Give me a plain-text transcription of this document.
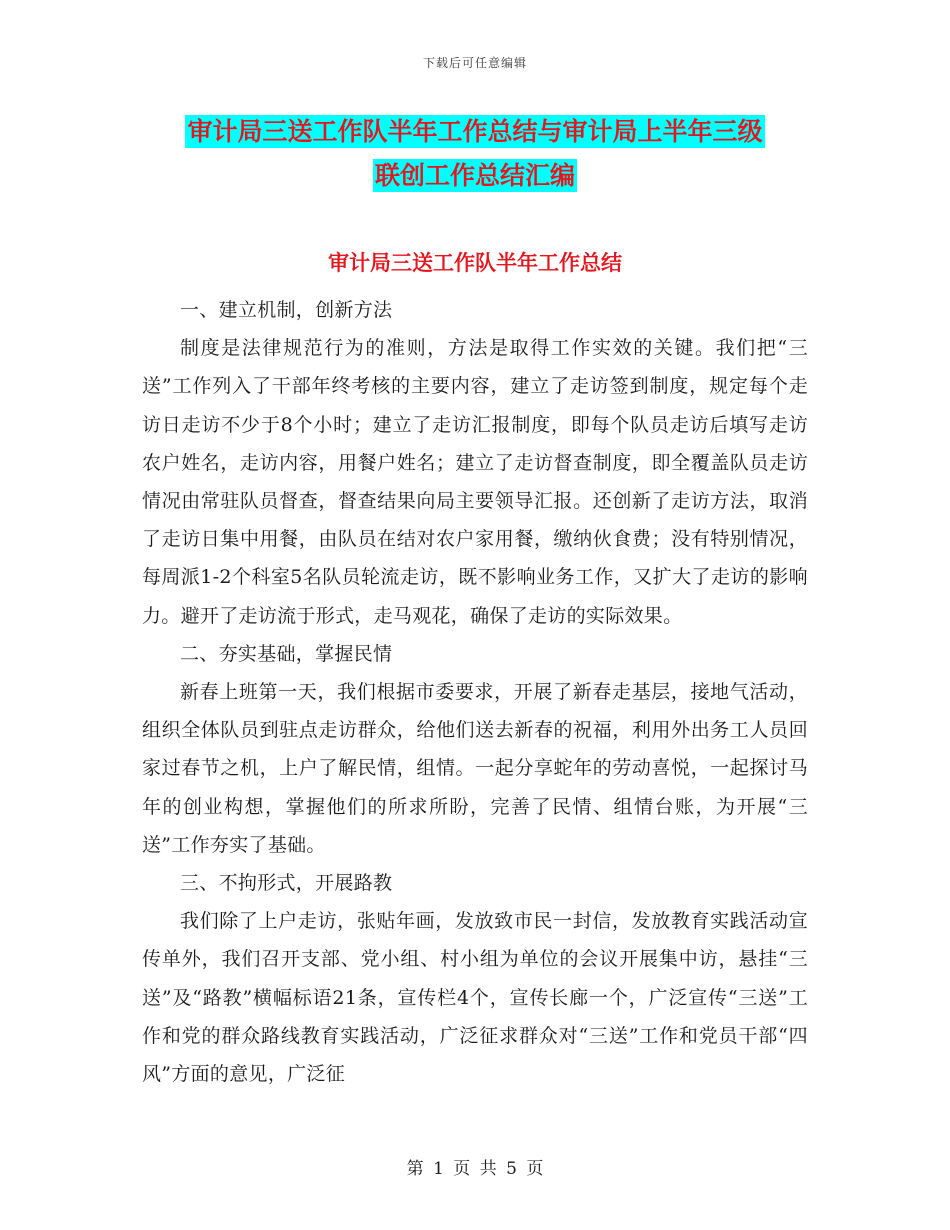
下载后可任意编辑
审计局三送工作队半年工作总结与审计局上半年三级
联创工作总结汇编
审计局三送工作队半年工作总结

一、建立机制，创新方法

制度是法律规范行为的准则，方法是取得工作实效的关键。我们把“三送”工作列入了干部年终考核的主要内容，建立了走访签到制度，规定每个走访日走访不少于8个小时；建立了走访汇报制度，即每个队员走访后填写走访农户姓名，走访内容，用餐户姓名；建立了走访督查制度，即全覆盖队员走访情况由常驻队员督查，督查结果向局主要领导汇报。还创新了走访方法，取消了走访日集中用餐，由队员在结对农户家用餐，缴纳伙食费；没有特别情况，每周派1-2个科室5名队员轮流走访，既不影响业务工作，又扩大了走访的影响力。避开了走访流于形式，走马观花，确保了走访的实际效果。

二、夯实基础，掌握民情

新春上班第一天，我们根据市委要求，开展了新春走基层，接地气活动，组织全体队员到驻点走访群众，给他们送去新春的祝福，利用外出务工人员回家过春节之机，上户了解民情，组情。一起分享蛇年的劳动喜悦，一起探讨马年的创业构想，掌握他们的所求所盼，完善了民情、组情台账，为开展“三送”工作夯实了基础。

三、不拘形式，开展路教

我们除了上户走访，张贴年画，发放致市民一封信，发放教育实践活动宣传单外，我们召开支部、党小组、村小组为单位的会议开展集中访，悬挂“三送”及“路教”横幅标语21条，宣传栏4个，宣传长廊一个，广泛宣传“三送”工作和党的群众路线教育实践活动，广泛征求群众对“三送”工作和党员干部“四风”方面的意见，广泛征

第 1 页 共 5 页
